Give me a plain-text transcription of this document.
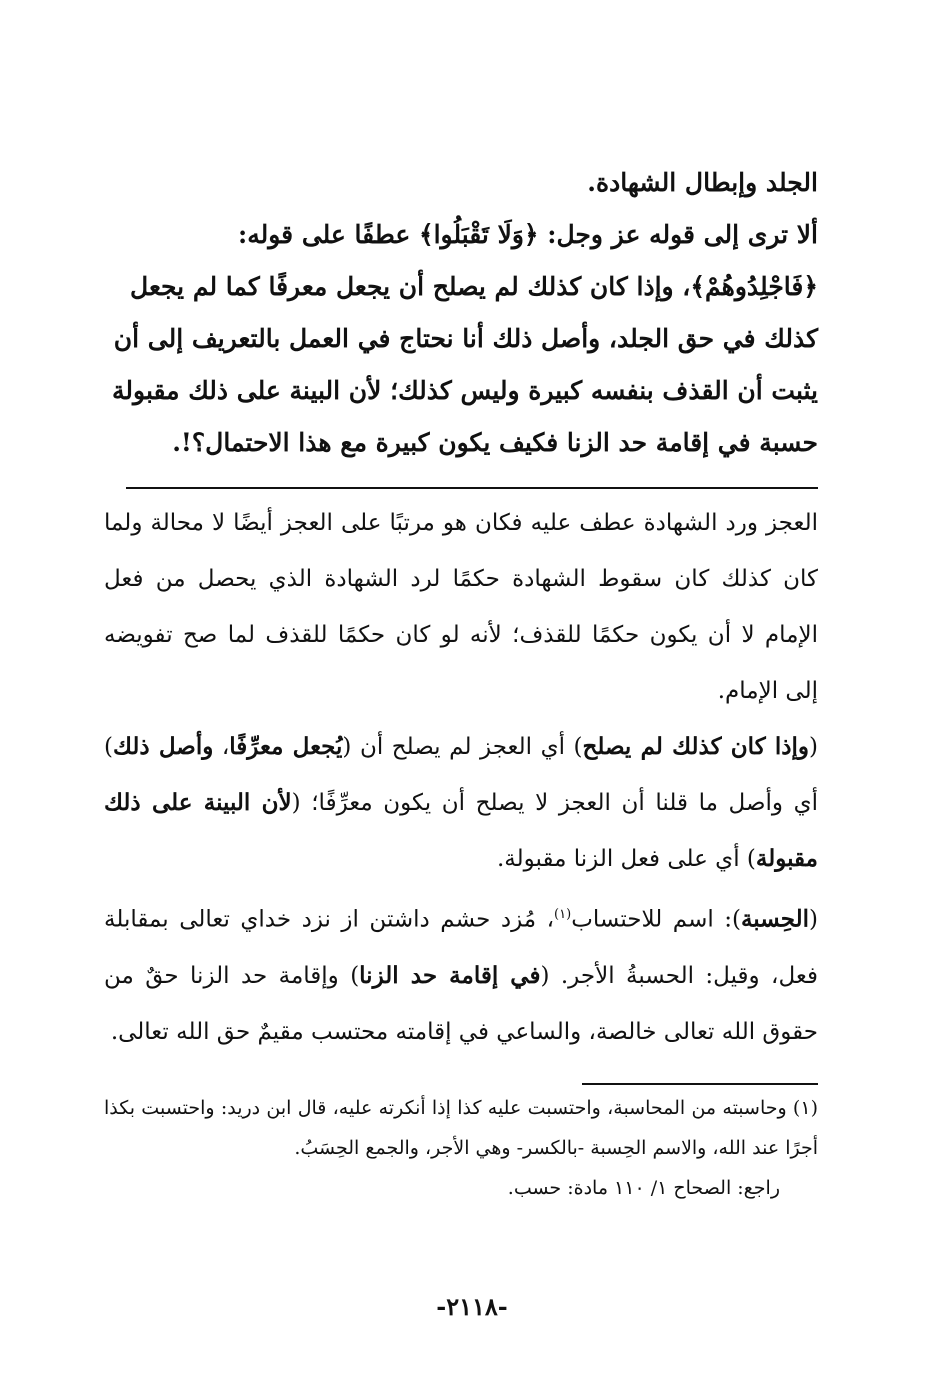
الجلد وإبطال الشهادة.
ألا ترى إلى قوله عز وجل: ﴿وَلَا تَقْبَلُوا﴾ عطفًا على قوله:
﴿فَاجْلِدُوهُمْ﴾، وإذا كان كذلك لم يصلح أن يجعل معرفًا كما لم يجعل
كذلك في حق الجلد، وأصل ذلك أنا نحتاج في العمل بالتعريف إلى أن
يثبت أن القذف بنفسه كبيرة وليس كذلك؛ لأن البينة على ذلك مقبولة
حسبة في إقامة حد الزنا فكيف يكون كبيرة مع هذا الاحتمال؟!.

العجز ورد الشهادة عطف عليه فكان هو مرتبًا على العجز أيضًا لا محالة ولما كان كذلك كان سقوط الشهادة حكمًا لرد الشهادة الذي يحصل من فعل الإمام لا أن يكون حكمًا للقذف؛ لأنه لو كان حكمًا للقذف لما صح تفويضه إلى الإمام.

(وإذا كان كذلك لم يصلح) أي العجز لم يصلح أن (يُجعل معرِّفًا، وأصل ذلك) أي وأصل ما قلنا أن العجز لا يصلح أن يكون معرِّفًا؛ (لأن البينة على ذلك مقبولة) أي على فعل الزنا مقبولة.

(الحِسبة): اسم للاحتساب$^{(١)}$، مُزد حشم داشتن از نزد خداي تعالى بمقابلة فعل، وقيل: الحسبةُ الأجر. (في إقامة حد الزنا) وإقامة حد الزنا حقٌ من حقوق الله تعالى خالصة، والساعي في إقامته محتسب مقيمٌ حق الله تعالى.

(١) وحاسبته من المحاسبة، واحتسبت عليه كذا إذا أنكرته عليه، قال ابن دريد: واحتسبت بكذا أجرًا عند الله، والاسم الحِسبة -بالكسر- وهي الأجر، والجمع الحِسَبُ.
راجع: الصحاح ١/ ١١٠ مادة: حسب.
-٢١١٨-
